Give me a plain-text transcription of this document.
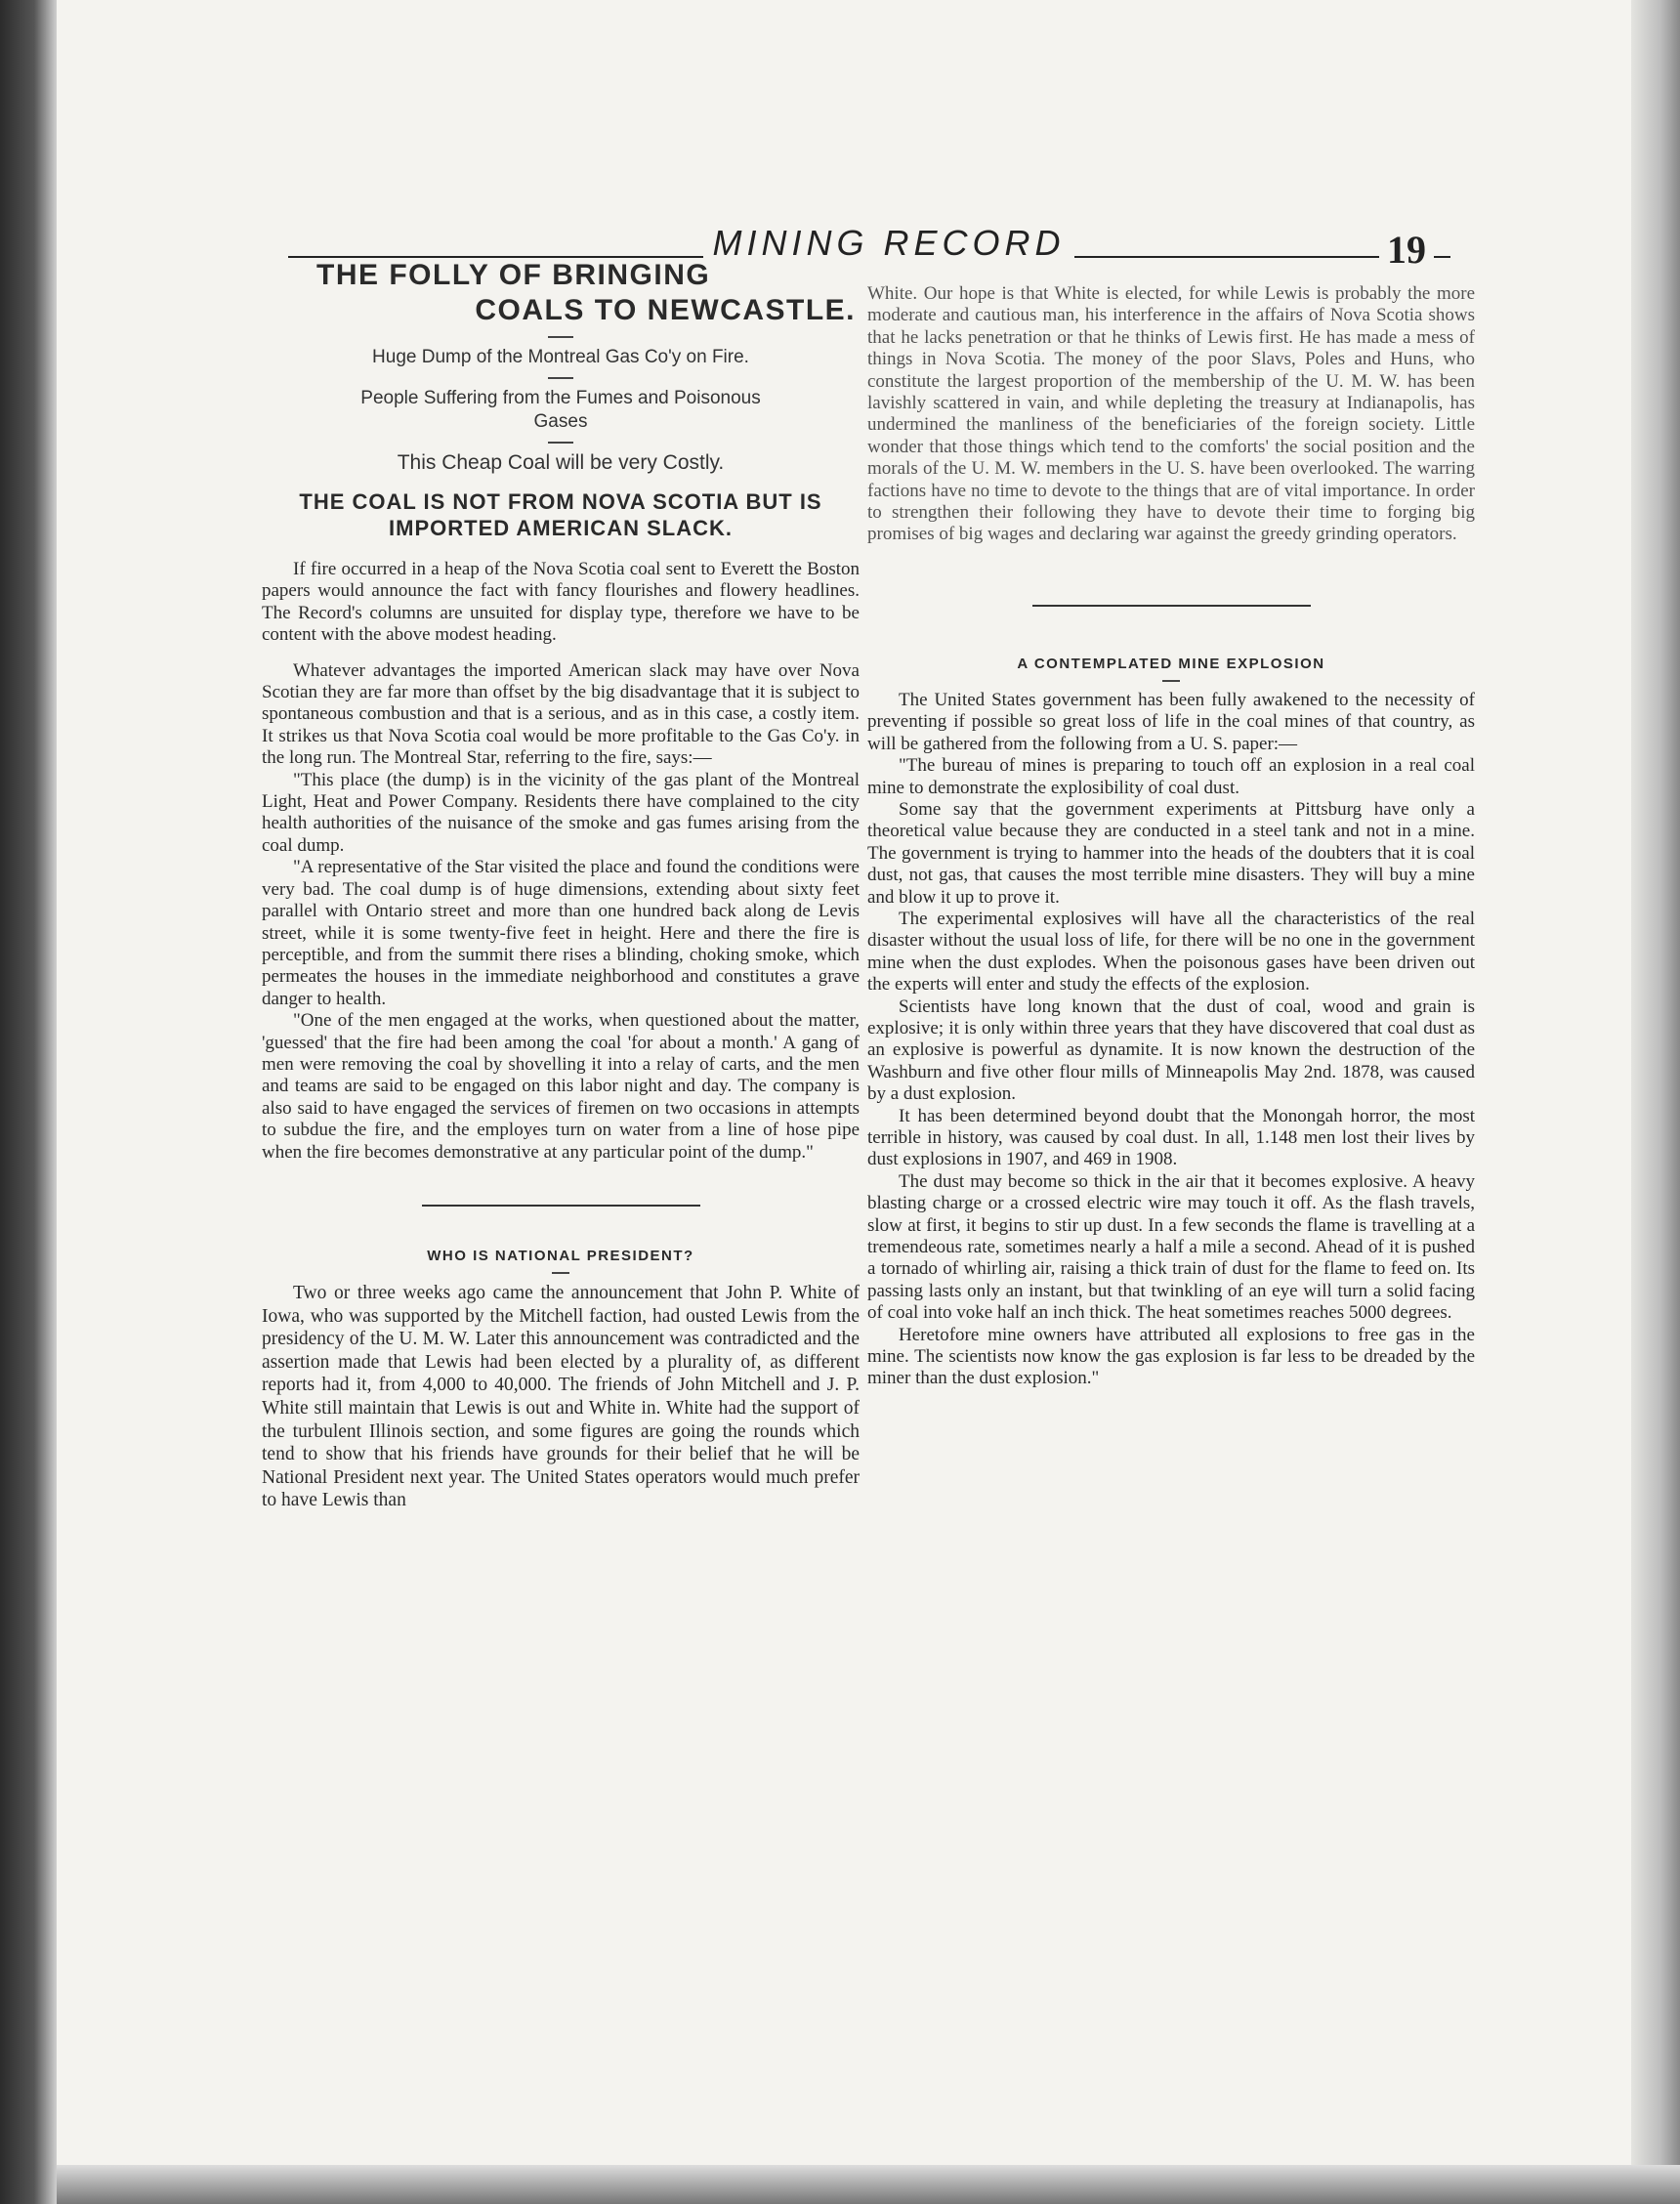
MINING RECORD	19

THE FOLLY OF BRINGING

COALS TO NEWCASTLE.

Huge Dump of the Montreal Gas Co'y on Fire.

People Suffering from the Fumes and Poisonous Gases

This Cheap Coal will be very Costly.

THE COAL IS NOT FROM NOVA SCOTIA BUT IS IMPORTED AMERICAN SLACK.

If fire occurred in a heap of the Nova Scotia coal sent to Everett the Boston papers would announce the fact with fancy flourishes and flowery headlines. The Record's columns are unsuited for display type, therefore we have to be content with the above modest heading.

Whatever advantages the imported American slack may have over Nova Scotian they are far more than offset by the big disadvantage that it is subject to spontaneous combustion and that is a serious, and as in this case, a costly item. It strikes us that Nova Scotia coal would be more profitable to the Gas Co'y. in the long run. The Montreal Star, referring to the fire, says:—

"This place (the dump) is in the vicinity of the gas plant of the Montreal Light, Heat and Power Company. Residents there have complained to the city health authorities of the nuisance of the smoke and gas fumes arising from the coal dump.

"A representative of the Star visited the place and found the conditions were very bad. The coal dump is of huge dimensions, extending about sixty feet parallel with Ontario street and more than one hundred back along de Levis street, while it is some twenty-five feet in height. Here and there the fire is perceptible, and from the summit there rises a blinding, choking smoke, which permeates the houses in the immediate neighborhood and constitutes a grave danger to health.

"One of the men engaged at the works, when questioned about the matter, 'guessed' that the fire had been among the coal 'for about a month.' A gang of men were removing the coal by shovelling it into a relay of carts, and the men and teams are said to be engaged on this labor night and day. The company is also said to have engaged the services of firemen on two occasions in attempts to subdue the fire, and the employes turn on water from a line of hose pipe when the fire becomes demonstrative at any particular point of the dump."

WHO IS NATIONAL PRESIDENT?

Two or three weeks ago came the announcement that John P. White of Iowa, who was supported by the Mitchell faction, had ousted Lewis from the presidency of the U. M. W. Later this announcement was contradicted and the assertion made that Lewis had been elected by a plurality of, as different reports had it, from 4,000 to 40,000. The friends of John Mitchell and J. P. White still maintain that Lewis is out and White in. White had the support of the turbulent Illinois section, and some figures are going the rounds which tend to show that his friends have grounds for their belief that he will be National President next year. The United States operators would much prefer to have Lewis than

White. Our hope is that White is elected, for while Lewis is probably the more moderate and cautious man, his interference in the affairs of Nova Scotia shows that he lacks penetration or that he thinks of Lewis first. He has made a mess of things in Nova Scotia. The money of the poor Slavs, Poles and Huns, who constitute the largest proportion of the membership of the U. M. W. has been lavishly scattered in vain, and while depleting the treasury at Indianapolis, has undermined the manliness of the beneficiaries of the foreign society. Little wonder that those things which tend to the comforts' the social position and the morals of the U. M. W. members in the U. S. have been overlooked. The warring factions have no time to devote to the things that are of vital importance. In order to strengthen their following they have to devote their time to forging big promises of big wages and declaring war against the greedy grinding operators.

A CONTEMPLATED MINE EXPLOSION

The United States government has been fully awakened to the necessity of preventing if possible so great loss of life in the coal mines of that country, as will be gathered from the following from a U. S. paper:—

"The bureau of mines is preparing to touch off an explosion in a real coal mine to demonstrate the explosibility of coal dust.

Some say that the government experiments at Pittsburg have only a theoretical value because they are conducted in a steel tank and not in a mine. The government is trying to hammer into the heads of the doubters that it is coal dust, not gas, that causes the most terrible mine disasters. They will buy a mine and blow it up to prove it.

The experimental explosives will have all the characteristics of the real disaster without the usual loss of life, for there will be no one in the government mine when the dust explodes. When the poisonous gases have been driven out the experts will enter and study the effects of the explosion.

Scientists have long known that the dust of coal, wood and grain is explosive; it is only within three years that they have discovered that coal dust as an explosive is powerful as dynamite. It is now known the destruction of the Washburn and five other flour mills of Minneapolis May 2nd. 1878, was caused by a dust explosion.

It has been determined beyond doubt that the Monongah horror, the most terrible in history, was caused by coal dust. In all, 1.148 men lost their lives by dust explosions in 1907, and 469 in 1908.

The dust may become so thick in the air that it becomes explosive. A heavy blasting charge or a crossed electric wire may touch it off. As the flash travels, slow at first, it begins to stir up dust. In a few seconds the flame is travelling at a tremendeous rate, sometimes nearly a half a mile a second. Ahead of it is pushed a tornado of whirling air, raising a thick train of dust for the flame to feed on. Its passing lasts only an instant, but that twinkling of an eye will turn a solid facing of coal into voke half an inch thick. The heat sometimes reaches 5000 degrees.

Heretofore mine owners have attributed all explosions to free gas in the mine. The scientists now know the gas explosion is far less to be dreaded by the miner than the dust explosion."
